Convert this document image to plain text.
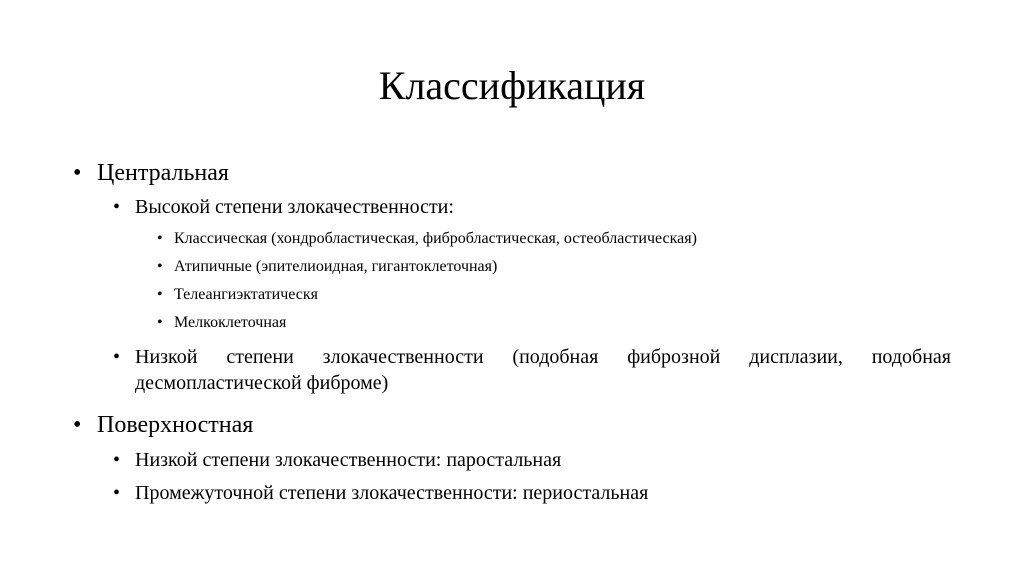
Классификация
• Центральная
• Высокой степени злокачественности:
• Классическая (хондробластическая, фибробластическая, остеобластическая)
• Атипичные (эпителиоидная, гигантоклеточная)
• Телеангиэктатическя
• Мелкоклеточная
• Низкой степени злокачественности (подобная фиброзной дисплазии, подобная десмопластической фиброме)
• Поверхностная
• Низкой степени злокачественности: паростальная
• Промежуточной степени злокачественности: периостальная
